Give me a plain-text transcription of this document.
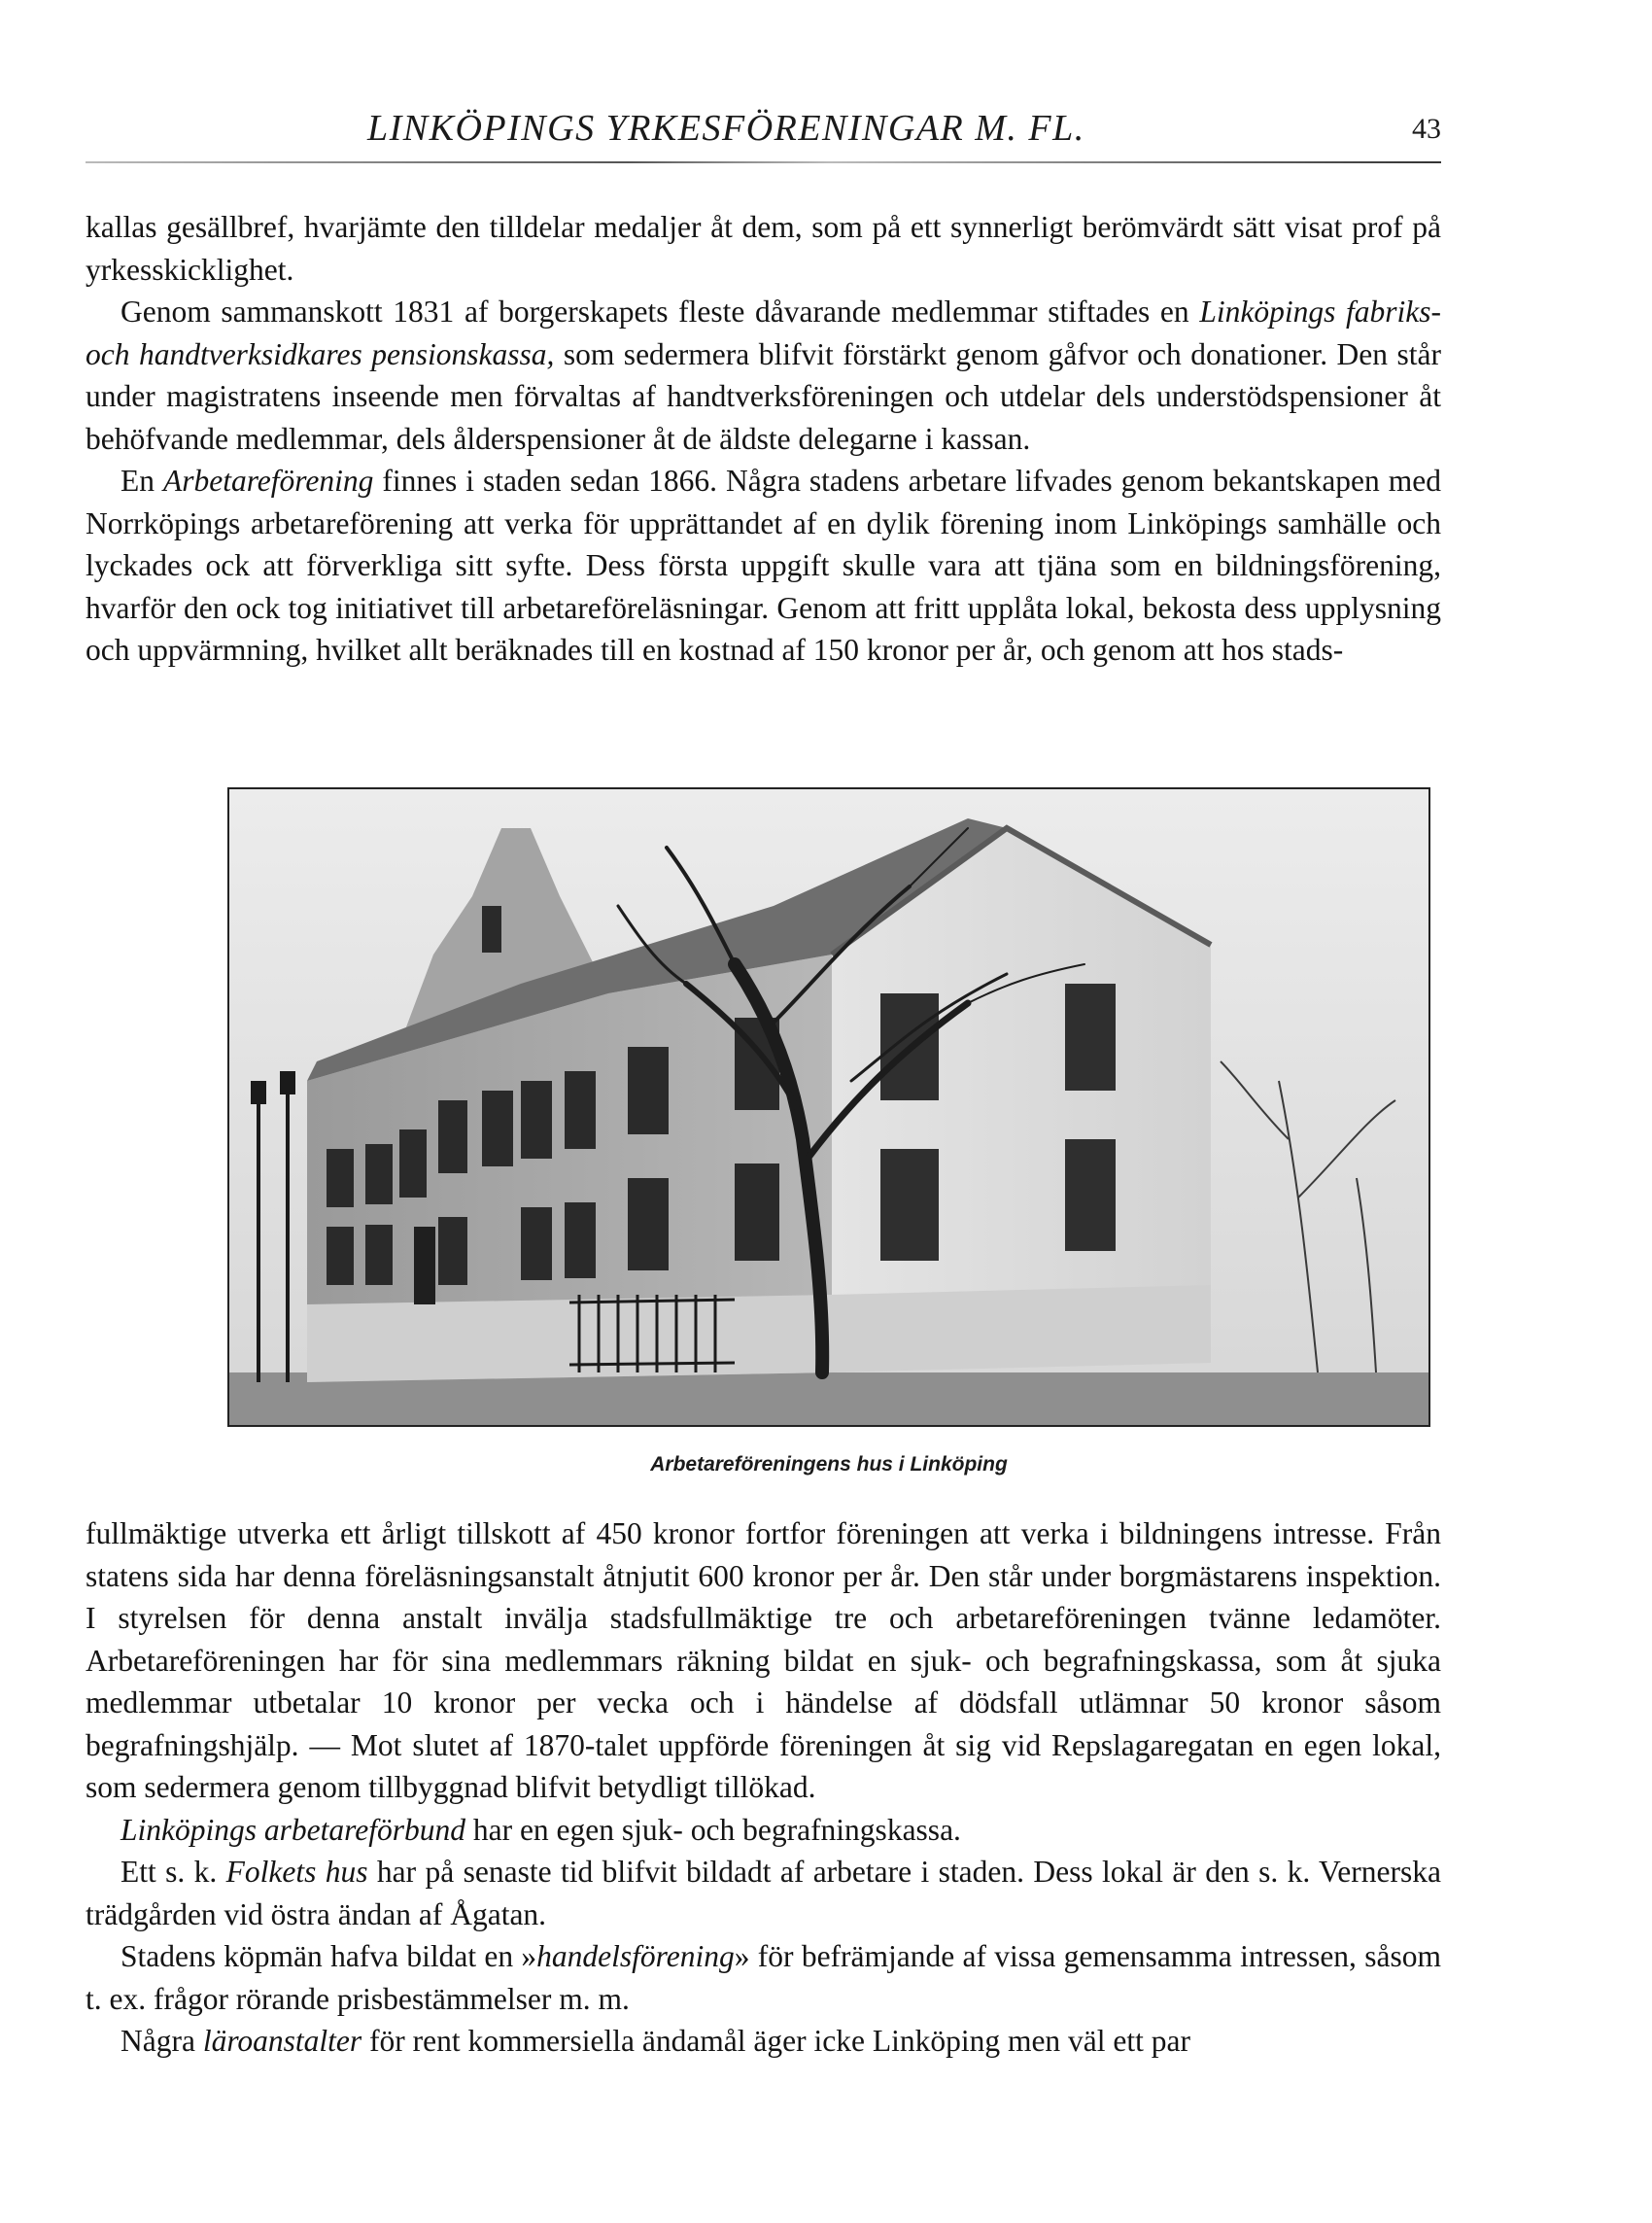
LINKÖPINGS YRKESFÖRENINGAR M. FL.	43

kallas gesällbref, hvarjämte den tilldelar medaljer åt dem, som på ett synnerligt berömvärdt sätt visat prof på yrkesskicklighet.

Genom sammanskott 1831 af borgerskapets fleste dåvarande medlemmar stiftades en Linköpings fabriks- och handtverksidkares pensionskassa, som sedermera blifvit förstärkt genom gåfvor och donationer. Den står under magistratens inseende men förvaltas af handtverksföreningen och utdelar dels understödspensioner åt behöfvande medlemmar, dels ålderspensioner åt de äldste delegarne i kassan.

En Arbetareförening finnes i staden sedan 1866. Några stadens arbetare lifvades genom bekantskapen med Norrköpings arbetareförening att verka för upprättandet af en dylik förening inom Linköpings samhälle och lyckades ock att förverkliga sitt syfte. Dess första uppgift skulle vara att tjäna som en bildningsförening, hvarför den ock tog initiativet till arbetareföreläsningar. Genom att fritt upplåta lokal, bekosta dess upplysning och uppvärmning, hvilket allt beräknades till en kostnad af 150 kronor per år, och genom att hos stads-

Arbetareföreningens hus i Linköping

fullmäktige utverka ett årligt tillskott af 450 kronor fortfor föreningen att verka i bildningens intresse. Från statens sida har denna föreläsningsanstalt åtnjutit 600 kronor per år. Den står under borgmästarens inspektion. I styrelsen för denna anstalt invälja stadsfullmäktige tre och arbetareföreningen tvänne ledamöter. Arbetareföreningen har för sina medlemmars räkning bildat en sjuk- och begrafningskassa, som åt sjuka medlemmar utbetalar 10 kronor per vecka och i händelse af dödsfall utlämnar 50 kronor såsom begrafningshjälp. — Mot slutet af 1870-talet uppförde föreningen åt sig vid Repslagaregatan en egen lokal, som sedermera genom tillbyggnad blifvit betydligt tillökad.

Linköpings arbetareförbund har en egen sjuk- och begrafningskassa.

Ett s. k. Folkets hus har på senaste tid blifvit bildadt af arbetare i staden. Dess lokal är den s. k. Vernerska trädgården vid östra ändan af Ågatan.

Stadens köpmän hafva bildat en »handelsförening» för befrämjande af vissa gemensamma intressen, såsom t. ex. frågor rörande prisbestämmelser m. m.

Några läroanstalter för rent kommersiella ändamål äger icke Linköping men väl ett par
